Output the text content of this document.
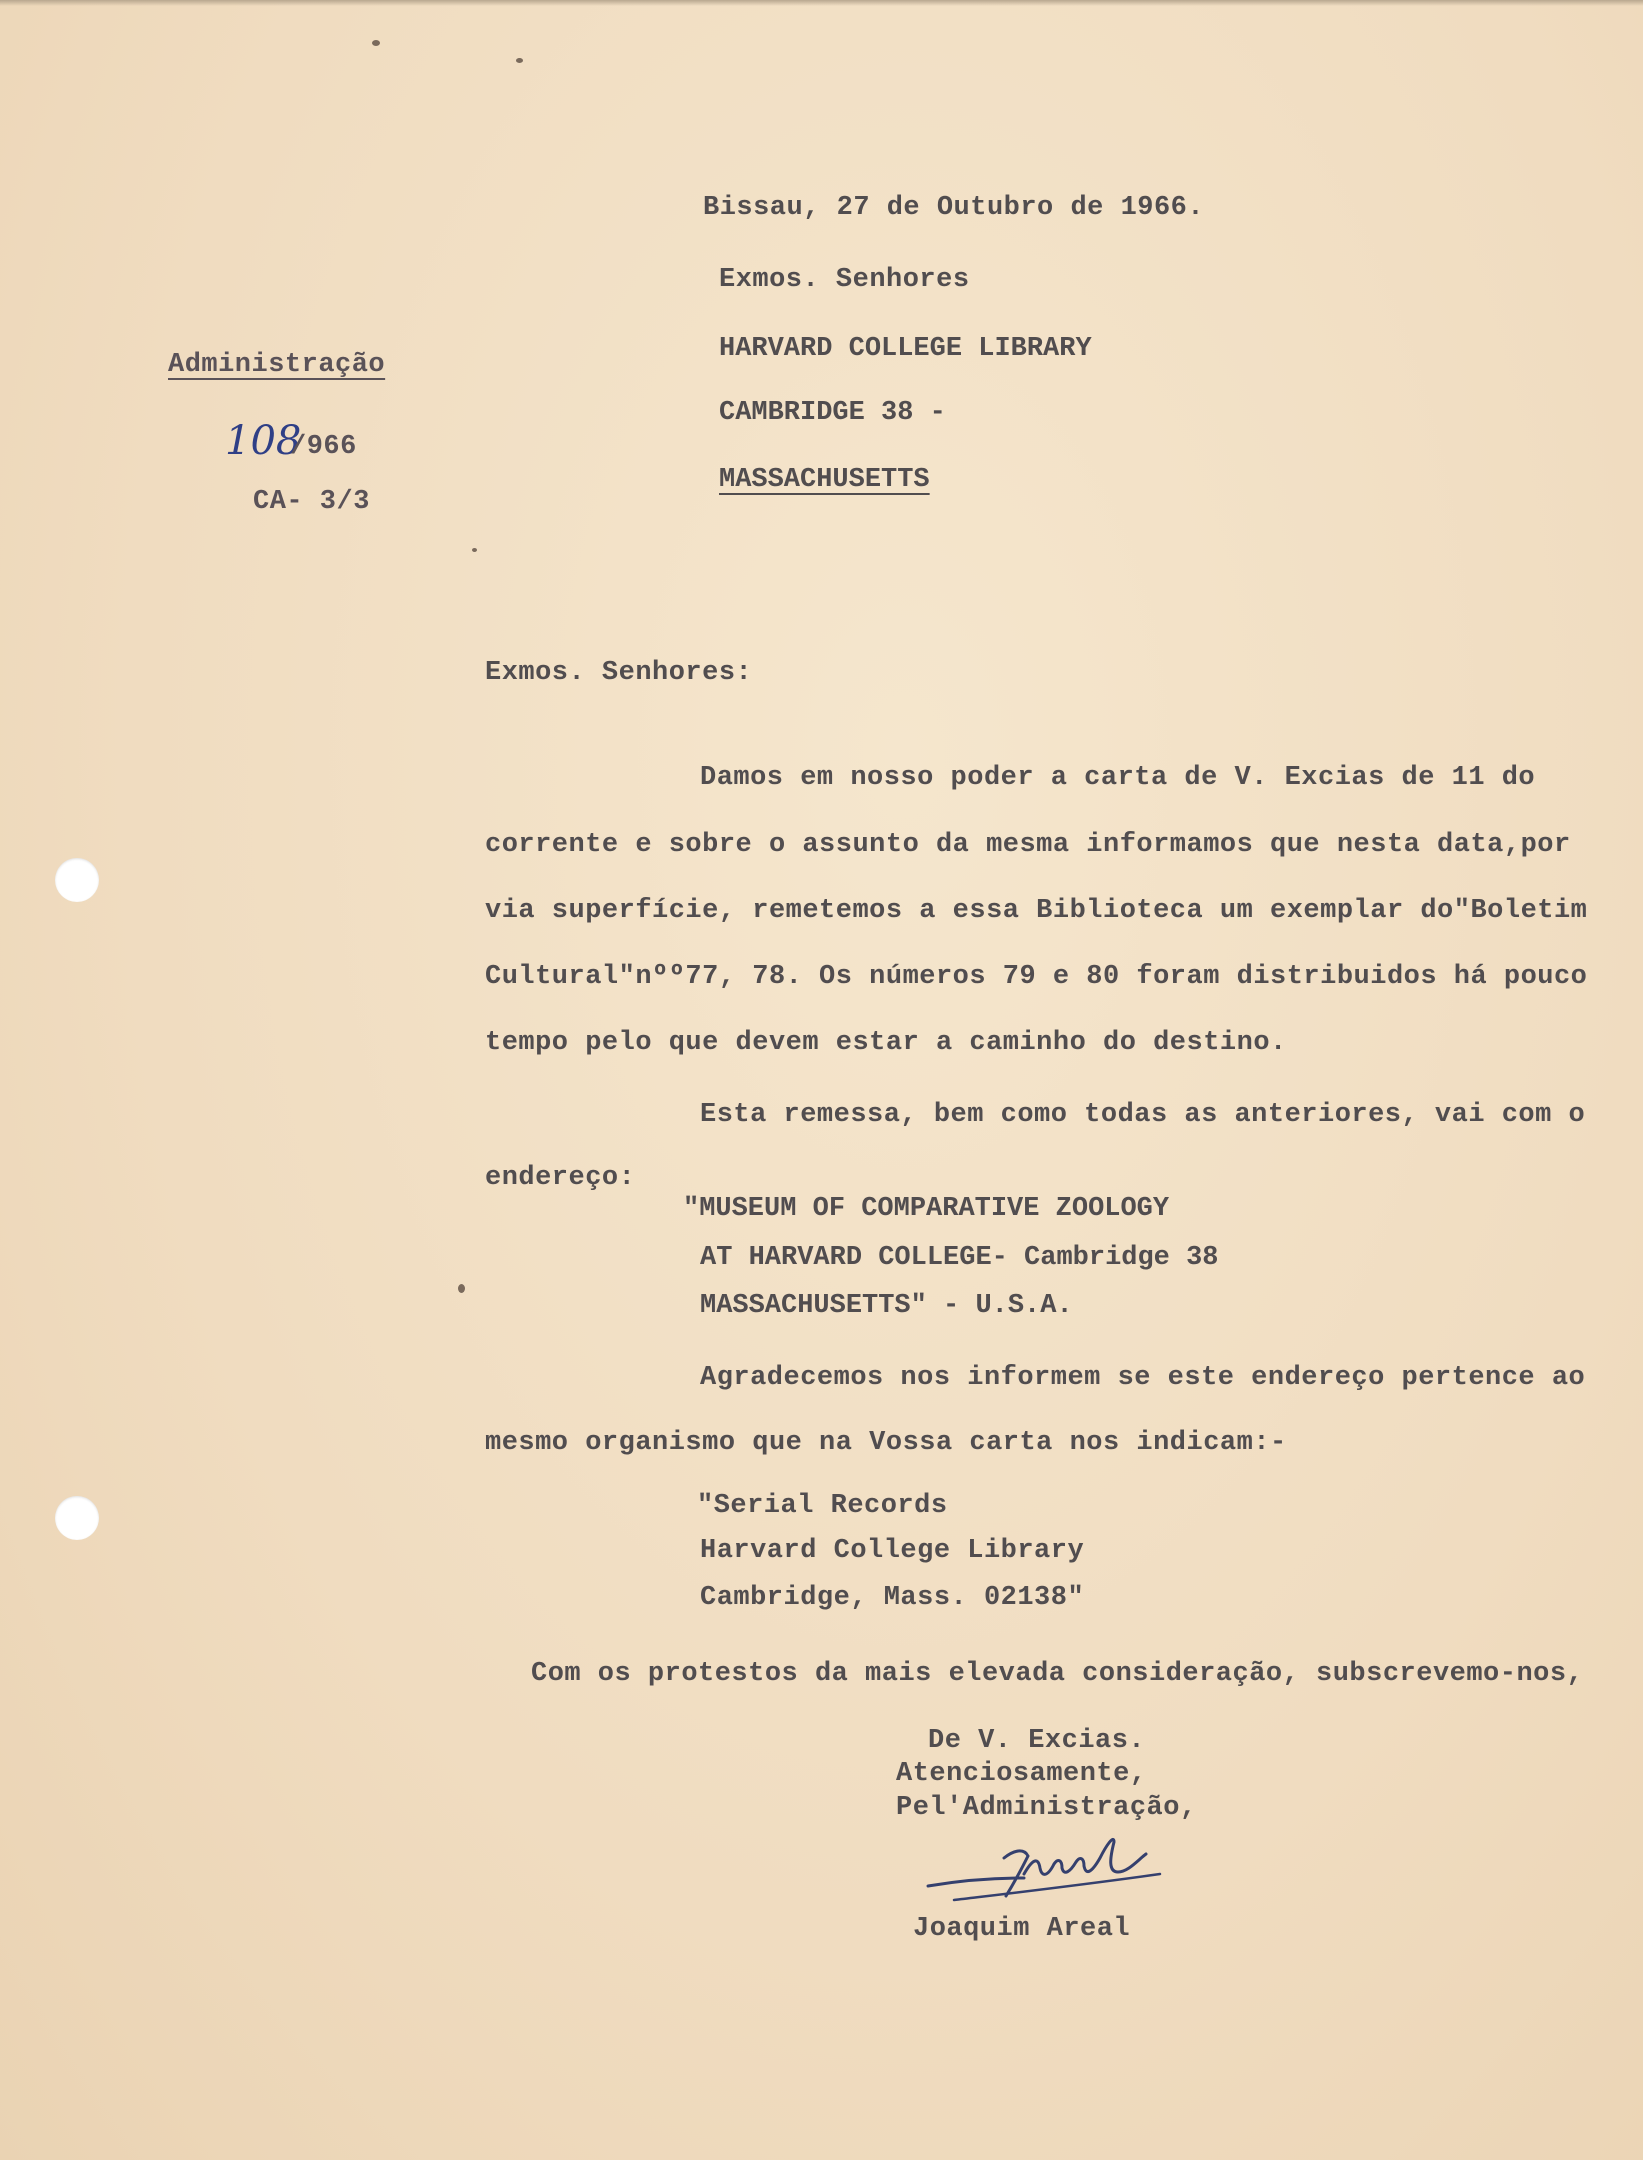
Bissau, 27 de Outubro de 1966.
Exmos. Senhores
HARVARD COLLEGE LIBRARY
CAMBRIDGE 38 -
MASSACHUSETTS
Administração
108
/966
CA- 3/3
Exmos. Senhores:
Damos em nosso poder a carta de V. Excias de 11 do
corrente e sobre o assunto da mesma informamos que nesta data,por
via superfície, remetemos a essa Biblioteca um exemplar do"Boletim
Cultural"nºº77, 78. Os números 79 e 80 foram distribuidos há pouco
tempo pelo que devem estar a caminho do destino.
Esta remessa, bem como todas as anteriores, vai com o
endereço:
"MUSEUM OF COMPARATIVE ZOOLOGY
AT HARVARD COLLEGE- Cambridge 38
MASSACHUSETTS" - U.S.A.
Agradecemos nos informem se este endereço pertence ao
mesmo organismo que na Vossa carta nos indicam:-
"Serial Records
Harvard College Library
Cambridge, Mass. 02138"
Com os protestos da mais elevada consideração, subscrevemo-nos,
De V. Excias.
Atenciosamente,
Pel'Administração,
Joaquim Areal
